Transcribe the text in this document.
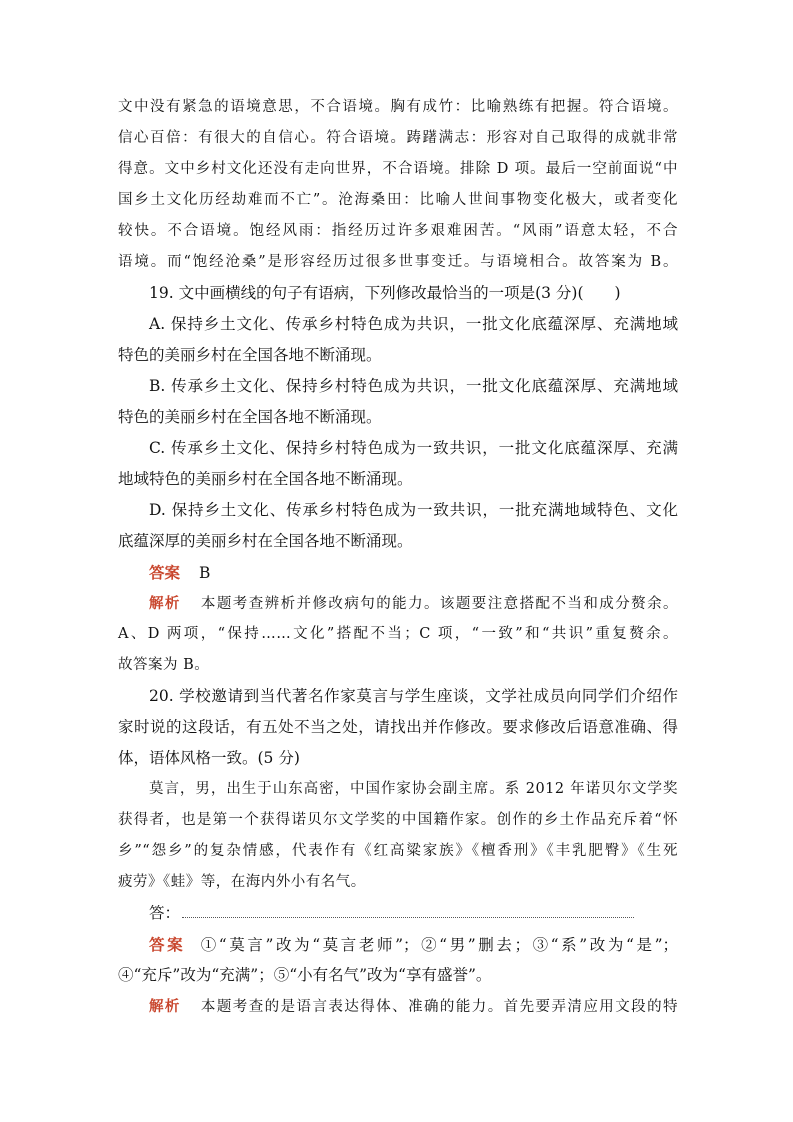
文中没有紧急的语境意思，不合语境。胸有成竹：比喻熟练有把握。符合语境。
信心百倍：有很大的自信心。符合语境。踌躇满志：形容对自己取得的成就非常
得意。文中乡村文化还没有走向世界，不合语境。排除 D 项。最后一空前面说“中
国乡土文化历经劫难而不亡”。沧海桑田：比喻人世间事物变化极大，或者变化
较快。不合语境。饱经风雨：指经历过许多艰难困苦。“风雨”语意太轻，不合
语境。而“饱经沧桑”是形容经历过很多世事变迁。与语境相合。故答案为 B。
19. 文中画横线的句子有语病，下列修改最恰当的一项是(3 分)(　　)
A. 保持乡土文化、传承乡村特色成为共识，一批文化底蕴深厚、充满地域
特色的美丽乡村在全国各地不断涌现。
B. 传承乡土文化、保持乡村特色成为共识，一批文化底蕴深厚、充满地域
特色的美丽乡村在全国各地不断涌现。
C. 传承乡土文化、保持乡村特色成为一致共识，一批文化底蕴深厚、充满
地域特色的美丽乡村在全国各地不断涌现。
D. 保持乡土文化、传承乡村特色成为一致共识，一批充满地域特色、文化
底蕴深厚的美丽乡村在全国各地不断涌现。
答案 B
解析 本题考查辨析并修改病句的能力。该题要注意搭配不当和成分赘余。
A、D 两项，“保持……文化”搭配不当；C 项，“一致”和“共识”重复赘余。
故答案为 B。
20. 学校邀请到当代著名作家莫言与学生座谈，文学社成员向同学们介绍作
家时说的这段话，有五处不当之处，请找出并作修改。要求修改后语意准确、得
体，语体风格一致。(5 分)
莫言，男，出生于山东高密，中国作家协会副主席。系 2012 年诺贝尔文学奖
获得者，也是第一个获得诺贝尔文学奖的中国籍作家。创作的乡土作品充斥着“怀
乡”“怨乡”的复杂情感，代表作有《红高粱家族》《檀香刑》《丰乳肥臀》《生死
疲劳》《蛙》等，在海内外小有名气。
答：
答案 ①“莫言”改为“莫言老师”；②“男”删去；③“系”改为“是”；
④“充斥”改为“充满”；⑤“小有名气”改为“享有盛誉”。
解析 本题考查的是语言表达得体、准确的能力。首先要弄清应用文段的特
